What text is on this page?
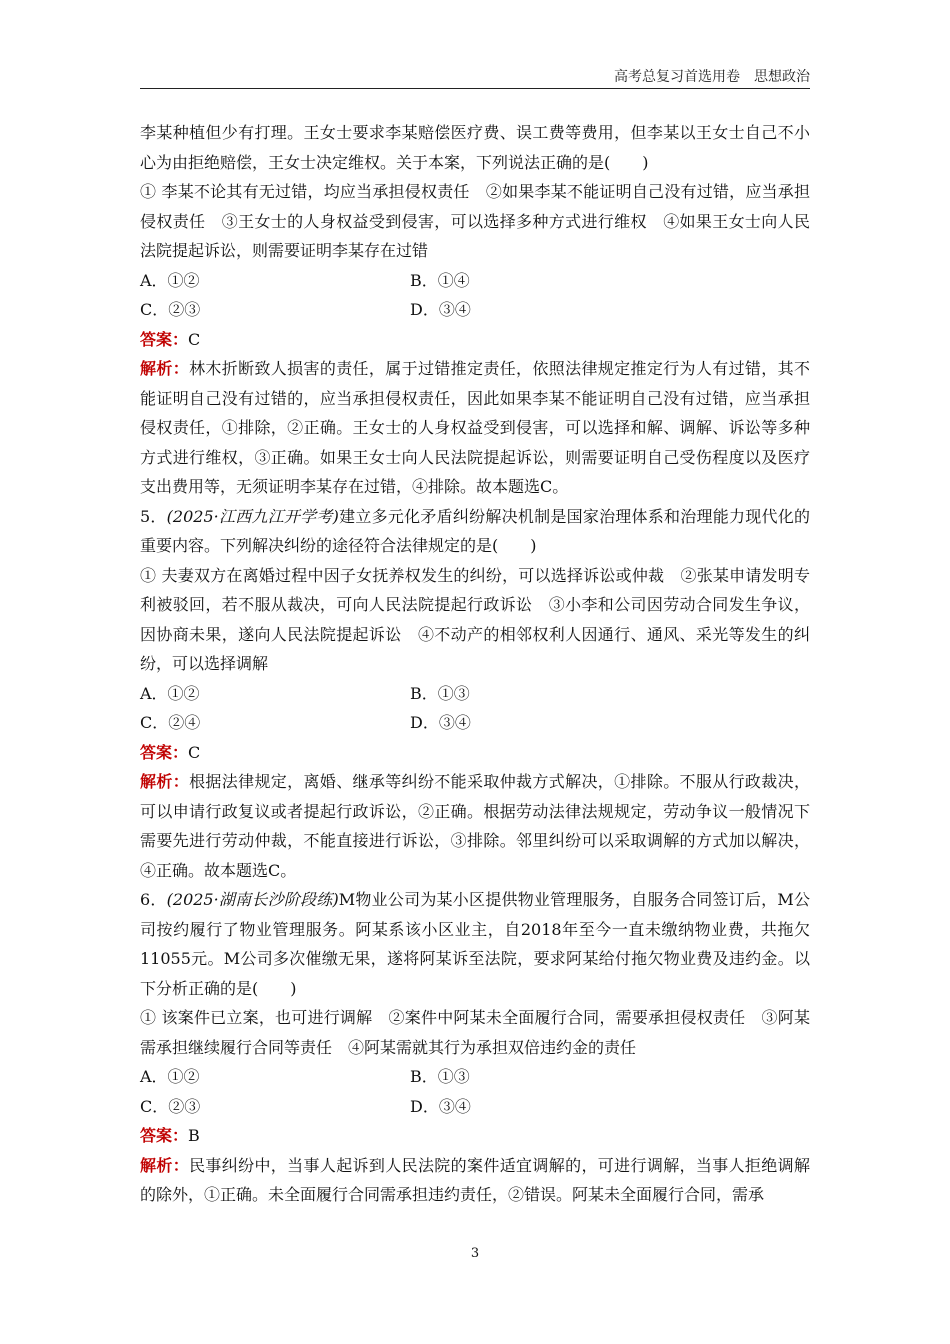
高考总复习首选用卷　思想政治

李某种植但少有打理。王女士要求李某赔偿医疗费、误工费等费用，但李某以王女士自己不小心为由拒绝赔偿，王女士决定维权。关于本案，下列说法正确的是(　　)

① 李某不论其有无过错，均应当承担侵权责任　②如果李某不能证明自己没有过错，应当承担侵权责任　③王女士的人身权益受到侵害，可以选择多种方式进行维权　④如果王女士向人民法院提起诉讼，则需要证明李某存在过错

A．①②	B．①④
C．②③	D．③④

答案：C

解析：林木折断致人损害的责任，属于过错推定责任，依照法律规定推定行为人有过错，其不能证明自己没有过错的，应当承担侵权责任，因此如果李某不能证明自己没有过错，应当承担侵权责任，①排除，②正确。王女士的人身权益受到侵害，可以选择和解、调解、诉讼等多种方式进行维权，③正确。如果王女士向人民法院提起诉讼，则需要证明自己受伤程度以及医疗支出费用等，无须证明李某存在过错，④排除。故本题选C。

5．(2025·江西九江开学考)建立多元化矛盾纠纷解决机制是国家治理体系和治理能力现代化的重要内容。下列解决纠纷的途径符合法律规定的是(　　)

① 夫妻双方在离婚过程中因子女抚养权发生的纠纷，可以选择诉讼或仲裁　②张某申请发明专利被驳回，若不服从裁决，可向人民法院提起行政诉讼　③小李和公司因劳动合同发生争议，因协商未果，遂向人民法院提起诉讼　④不动产的相邻权利人因通行、通风、采光等发生的纠纷，可以选择调解

A．①②	B．①③
C．②④	D．③④

答案：C

解析：根据法律规定，离婚、继承等纠纷不能采取仲裁方式解决，①排除。不服从行政裁决，可以申请行政复议或者提起行政诉讼，②正确。根据劳动法律法规规定，劳动争议一般情况下需要先进行劳动仲裁，不能直接进行诉讼，③排除。邻里纠纷可以采取调解的方式加以解决，④正确。故本题选C。

6．(2025·湖南长沙阶段练)M物业公司为某小区提供物业管理服务，自服务合同签订后，M公司按约履行了物业管理服务。阿某系该小区业主，自2018年至今一直未缴纳物业费，共拖欠11055元。M公司多次催缴无果，遂将阿某诉至法院，要求阿某给付拖欠物业费及违约金。以下分析正确的是(　　)

① 该案件已立案，也可进行调解　②案件中阿某未全面履行合同，需要承担侵权责任　③阿某需承担继续履行合同等责任　④阿某需就其行为承担双倍违约金的责任

A．①②	B．①③
C．②③	D．③④

答案：B

解析：民事纠纷中，当事人起诉到人民法院的案件适宜调解的，可进行调解，当事人拒绝调解的除外，①正确。未全面履行合同需承担违约责任，②错误。阿某未全面履行合同，需承

3
